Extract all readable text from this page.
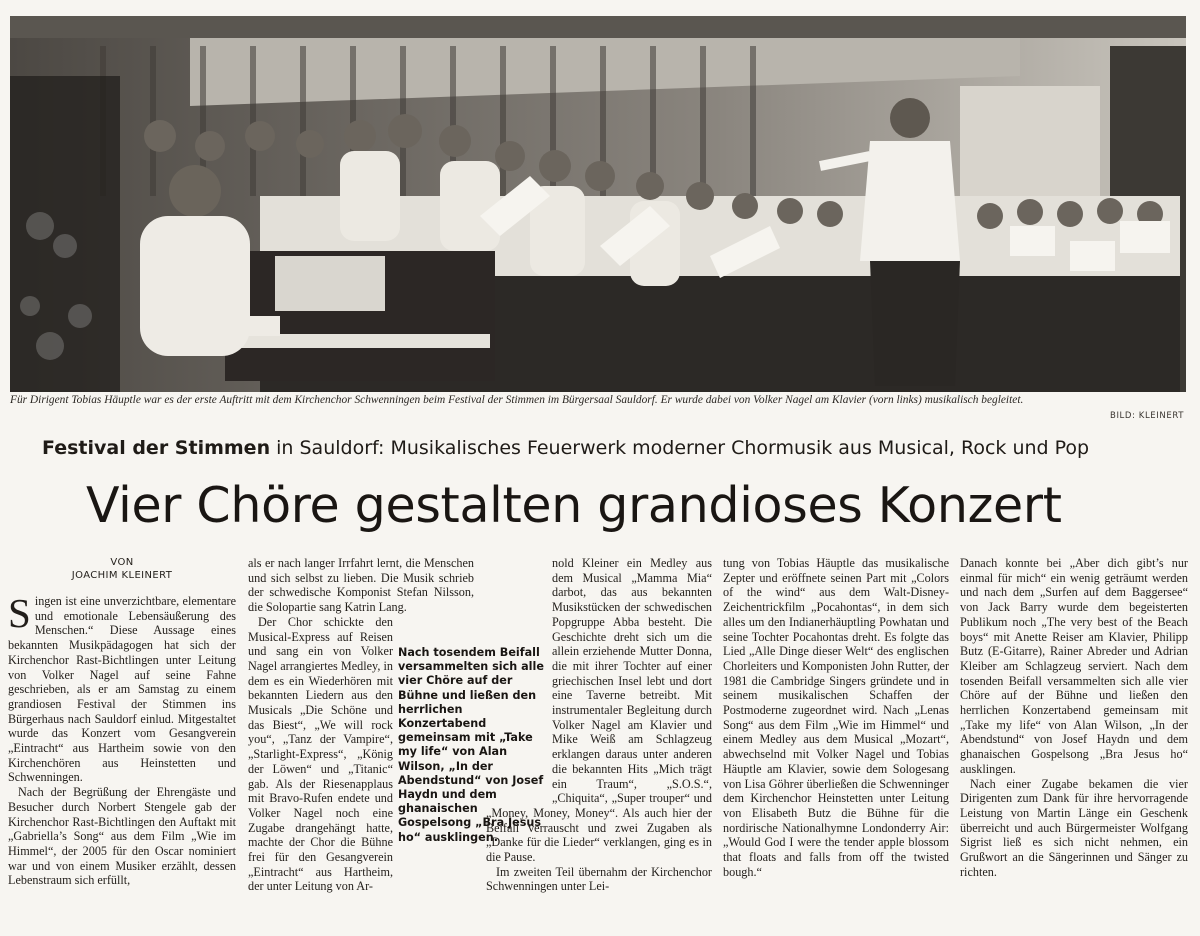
Für Dirigent Tobias Häuptle war es der erste Auftritt mit dem Kirchenchor Schwenningen beim Festival der Stimmen im Bürgersaal Sauldorf. Er wurde dabei von Volker Nagel am Klavier (vorn links) musikalisch begleitet.
BILD: KLEINERT
Festival der Stimmen in Sauldorf: Musikalisches Feuerwerk moderner Chormusik aus Musical, Rock und Pop
Vier Chöre gestalten grandioses Konzert
VON
JOACHIM KLEINERT

Singen ist eine unverzichtbare, elementare und emotionale Lebensäußerung des Menschen.“ Diese Aussage eines bekannten Musikpädagogen hat sich der Kirchenchor Rast-Bichtlingen unter Leitung von Volker Nagel auf seine Fahne geschrieben, als er am Samstag zu einem grandiosen Festival der Stimmen ins Bürgerhaus nach Sauldorf einlud. Mitgestaltet wurde das Konzert vom Gesangverein „Eintracht“ aus Hartheim sowie von den Kirchenchören aus Heinstetten und Schwenningen.

Nach der Begrüßung der Ehrengäste und Besucher durch Norbert Stengele gab der Kirchenchor Rast-Bichtlingen den Auftakt mit „Gabriella’s Song“ aus dem Film „Wie im Himmel“, der 2005 für den Oscar nominiert war und von einem Musiker erzählt, dessen Lebenstraum sich erfüllt,

als er nach langer Irrfahrt lernt, die Menschen und sich selbst zu lieben. Die Musik schrieb der schwedische Komponist Stefan Nilsson, die Solopartie sang Katrin Lang.

Der Chor schickte den Musical-Express auf Reisen und sang ein von Volker Nagel arrangiertes Medley, in dem es ein Wiederhören mit bekannten Liedern aus den Musicals „Die Schöne und das Biest“, „We will rock you“, „Tanz der Vampire“, „Starlight-Express“, „König der Löwen“ und „Titanic“ gab. Als der Riesenapplaus mit Bravo-Rufen endete und Volker Nagel noch eine Zugabe drangehängt hatte, machte der Chor die Bühne frei für den Gesangverein „Eintracht“ aus Hartheim, der unter Leitung von Ar-

Nach tosendem Beifall versammelten sich alle vier Chöre auf der Bühne und ließen den herrlichen Konzertabend gemeinsam mit „Take my life“ von Alan Wilson, „In der Abendstund“ von Josef Haydn und dem ghanaischen Gospelsong „Bra Jesus ho“ ausklingen.

nold Kleiner ein Medley aus dem Musical „Mamma Mia“ darbot, das aus bekannten Musikstücken der schwedischen Popgruppe Abba besteht. Die Geschichte dreht sich um die allein erziehende Mutter Donna, die mit ihrer Tochter auf einer griechischen Insel lebt und dort eine Taverne betreibt. Mit instrumentaler Begleitung durch Volker Nagel am Klavier und Mike Weiß am Schlagzeug erklangen daraus unter anderen die bekannten Hits „Mich trägt ein Traum“, „S.O.S.“, „Chiquita“, „Super trouper“ und „Money, Money, Money“. Als auch hier der Beifall verrauscht und zwei Zugaben als „Danke für die Lieder“ verklangen, ging es in die Pause.

Im zweiten Teil übernahm der Kirchenchor Schwenningen unter Lei-

tung von Tobias Häuptle das musikalische Zepter und eröffnete seinen Part mit „Colors of the wind“ aus dem Walt-Disney-Zeichentrickfilm „Pocahontas“, in dem sich alles um den Indianerhäuptling Powhatan und seine Tochter Pocahontas dreht. Es folgte das Lied „Alle Dinge dieser Welt“ des englischen Chorleiters und Komponisten John Rutter, der 1981 die Cambridge Singers gründete und in seinem musikalischen Schaffen der Postmoderne zugeordnet wird. Nach „Lenas Song“ aus dem Film „Wie im Himmel“ und einem Medley aus dem Musical „Mozart“, abwechselnd mit Volker Nagel und Tobias Häuptle am Klavier, sowie dem Sologesang von Lisa Göhrer überließen die Schwenninger dem Kirchenchor Heinstetten unter Leitung von Elisabeth Butz die Bühne für die nordirische Nationalhymne Londonderry Air: „Would God I were the tender apple blossom that floats and falls from off the twisted bough.“

Danach konnte bei „Aber dich gibt’s nur einmal für mich“ ein wenig geträumt werden und nach dem „Surfen auf dem Baggersee“ von Jack Barry wurde dem begeisterten Publikum noch „The very best of the Beach boys“ mit Anette Reiser am Klavier, Philipp Butz (E-Gitarre), Rainer Abreder und Adrian Kleiber am Schlagzeug serviert. Nach dem tosenden Beifall versammelten sich alle vier Chöre auf der Bühne und ließen den herrlichen Konzertabend gemeinsam mit „Take my life“ von Alan Wilson, „In der Abendstund“ von Josef Haydn und dem ghanaischen Gospelsong „Bra Jesus ho“ ausklingen.

Nach einer Zugabe bekamen die vier Dirigenten zum Dank für ihre hervorragende Leistung von Martin Länge ein Geschenk überreicht und auch Bürgermeister Wolfgang Sigrist ließ es sich nicht nehmen, ein Grußwort an die Sängerinnen und Sänger zu richten.
